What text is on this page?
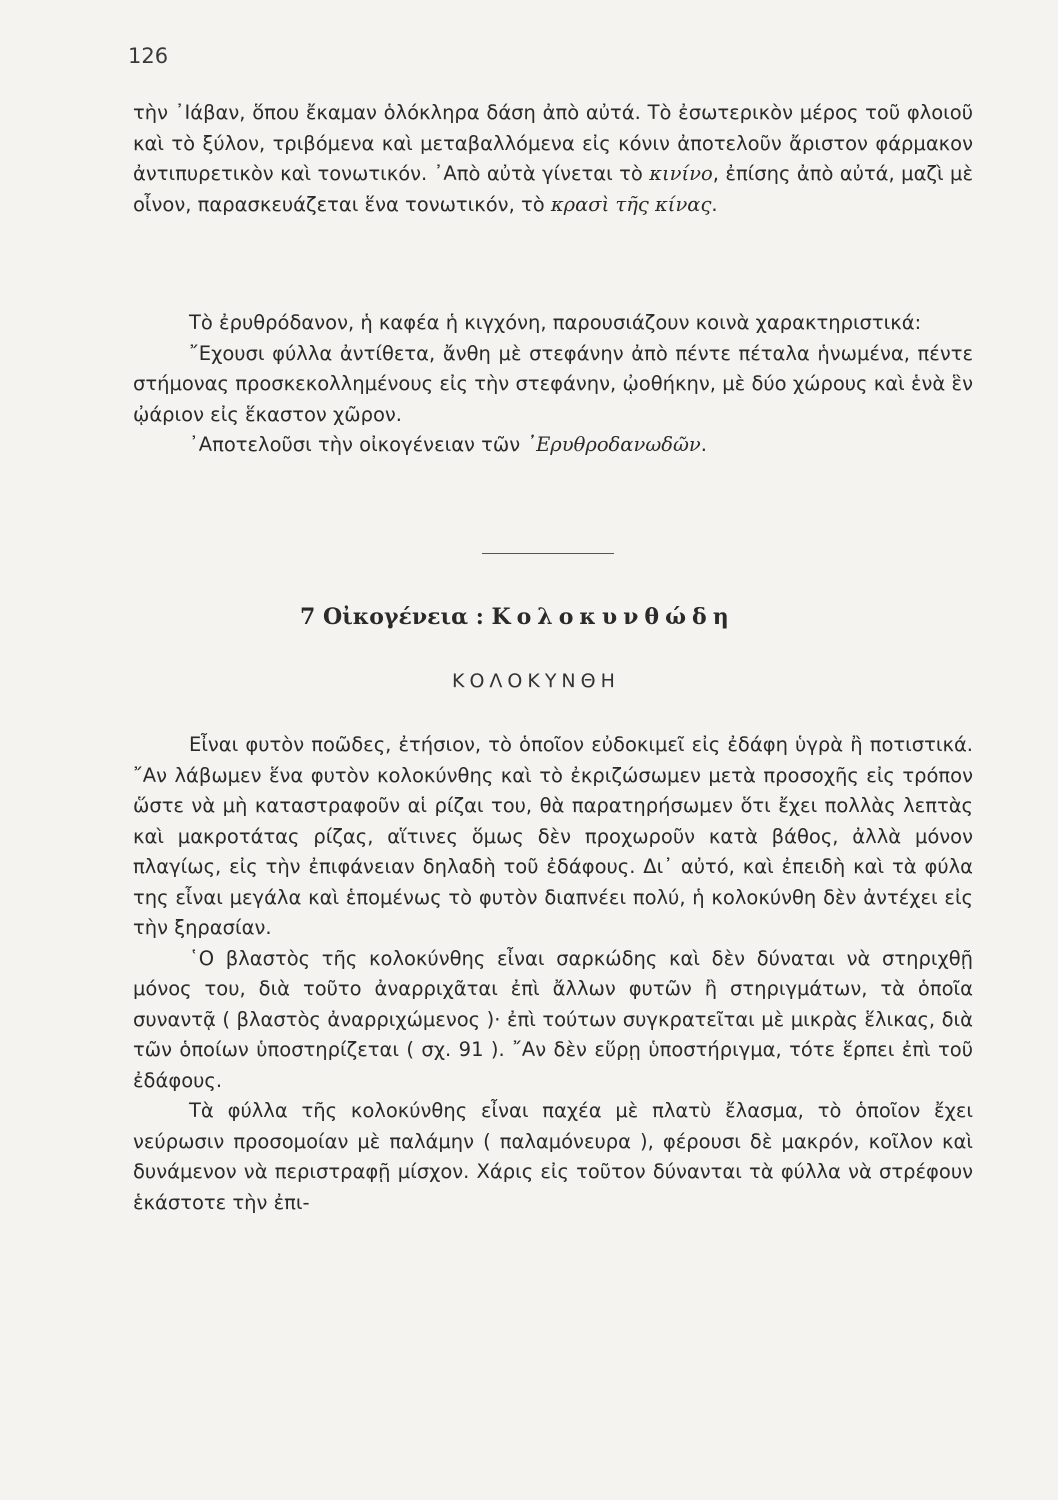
126

τὴν ᾿Ιάβαν, ὅπου ἔκαμαν ὁλόκληρα δάση ἀπὸ αὐτά. Τὸ ἐσωτερικὸν μέρος τοῦ φλοιοῦ καὶ τὸ ξύλον, τριβόμενα καὶ μεταβαλλόμενα εἰς κόνιν ἀποτελοῦν ἄριστον φάρμακον ἀντιπυρετικὸν καὶ τονωτικόν. ᾿Απὸ αὐτὰ γίνεται τὸ κινίνο, ἐπίσης ἀπὸ αὐτά, μαζὶ μὲ οἶνον, παρασκευάζεται ἕνα τονωτικόν, τὸ κρασὶ τῆς κίνας.

Τὸ ἐρυθρόδανον, ἡ καφέα ἡ κιγχόνη, παρουσιάζουν κοινὰ χαρακτηριστικά:

῎Εχουσι φύλλα ἀντίθετα, ἄνθη μὲ στεφάνην ἀπὸ πέντε πέταλα ἡνωμένα, πέντε στήμονας προσκεκολλημένους εἰς τὴν στεφάνην, ᾠοθήκην, μὲ δύο χώρους καὶ ἑνὰ ἓν ᾠάριον εἰς ἕκαστον χῶρον.

᾿Αποτελοῦσι τὴν οἰκογένειαν τῶν ᾿Ερυθροδανωδῶν.

7 Οἰκογένεια : Κολοκυνθώδη
ΚΟΛΟΚΥΝΘΗ

Εἶναι φυτὸν ποῶδες, ἐτήσιον, τὸ ὁποῖον εὐδοκιμεῖ εἰς ἐδάφη ὑγρὰ ἢ ποτιστικά. ῎Αν λάβωμεν ἕνα φυτὸν κολοκύνθης καὶ τὸ ἐκριζώσωμεν μετὰ προσοχῆς εἰς τρόπον ὥστε νὰ μὴ καταστραφοῦν αἱ ρίζαι του, θὰ παρατηρήσωμεν ὅτι ἔχει πολλὰς λεπτὰς καὶ μακροτάτας ρίζας, αἵτινες ὅμως δὲν προχωροῦν κατὰ βάθος, ἀλλὰ μόνον πλαγίως, εἰς τὴν ἐπιφάνειαν δηλαδὴ τοῦ ἐδάφους. Δι᾿ αὐτό, καὶ ἐπειδὴ καὶ τὰ φύλα της εἶναι μεγάλα καὶ ἑπομένως τὸ φυτὸν διαπνέει πολύ, ἡ κολοκύνθη δὲν ἀντέχει εἰς τὴν ξηρασίαν.

῾Ο βλαστὸς τῆς κολοκύνθης εἶναι σαρκώδης καὶ δὲν δύναται νὰ στηριχθῇ μόνος του, διὰ τοῦτο ἀναρριχᾶται ἐπὶ ἄλλων φυτῶν ἢ στηριγμάτων, τὰ ὁποῖα συναντᾷ ( βλαστὸς ἀναρριχώμενος )· ἐπὶ τούτων συγκρατεῖται μὲ μικρὰς ἕλικας, διὰ τῶν ὁποίων ὑποστηρίζεται ( σχ. 91 ). ῎Αν δὲν εὕρῃ ὑποστήριγμα, τότε ἕρπει ἐπὶ τοῦ ἐδάφους.

Τὰ φύλλα τῆς κολοκύνθης εἶναι παχέα μὲ πλατὺ ἔλασμα, τὸ ὁποῖον ἔχει νεύρωσιν προσομοίαν μὲ παλάμην ( παλαμόνευρα ), φέρουσι δὲ μακρόν, κοῖλον καὶ δυνάμενον νὰ περιστραφῇ μίσχον. Χάρις εἰς τοῦτον δύνανται τὰ φύλλα νὰ στρέφουν ἑκάστοτε τὴν ἐπι-
